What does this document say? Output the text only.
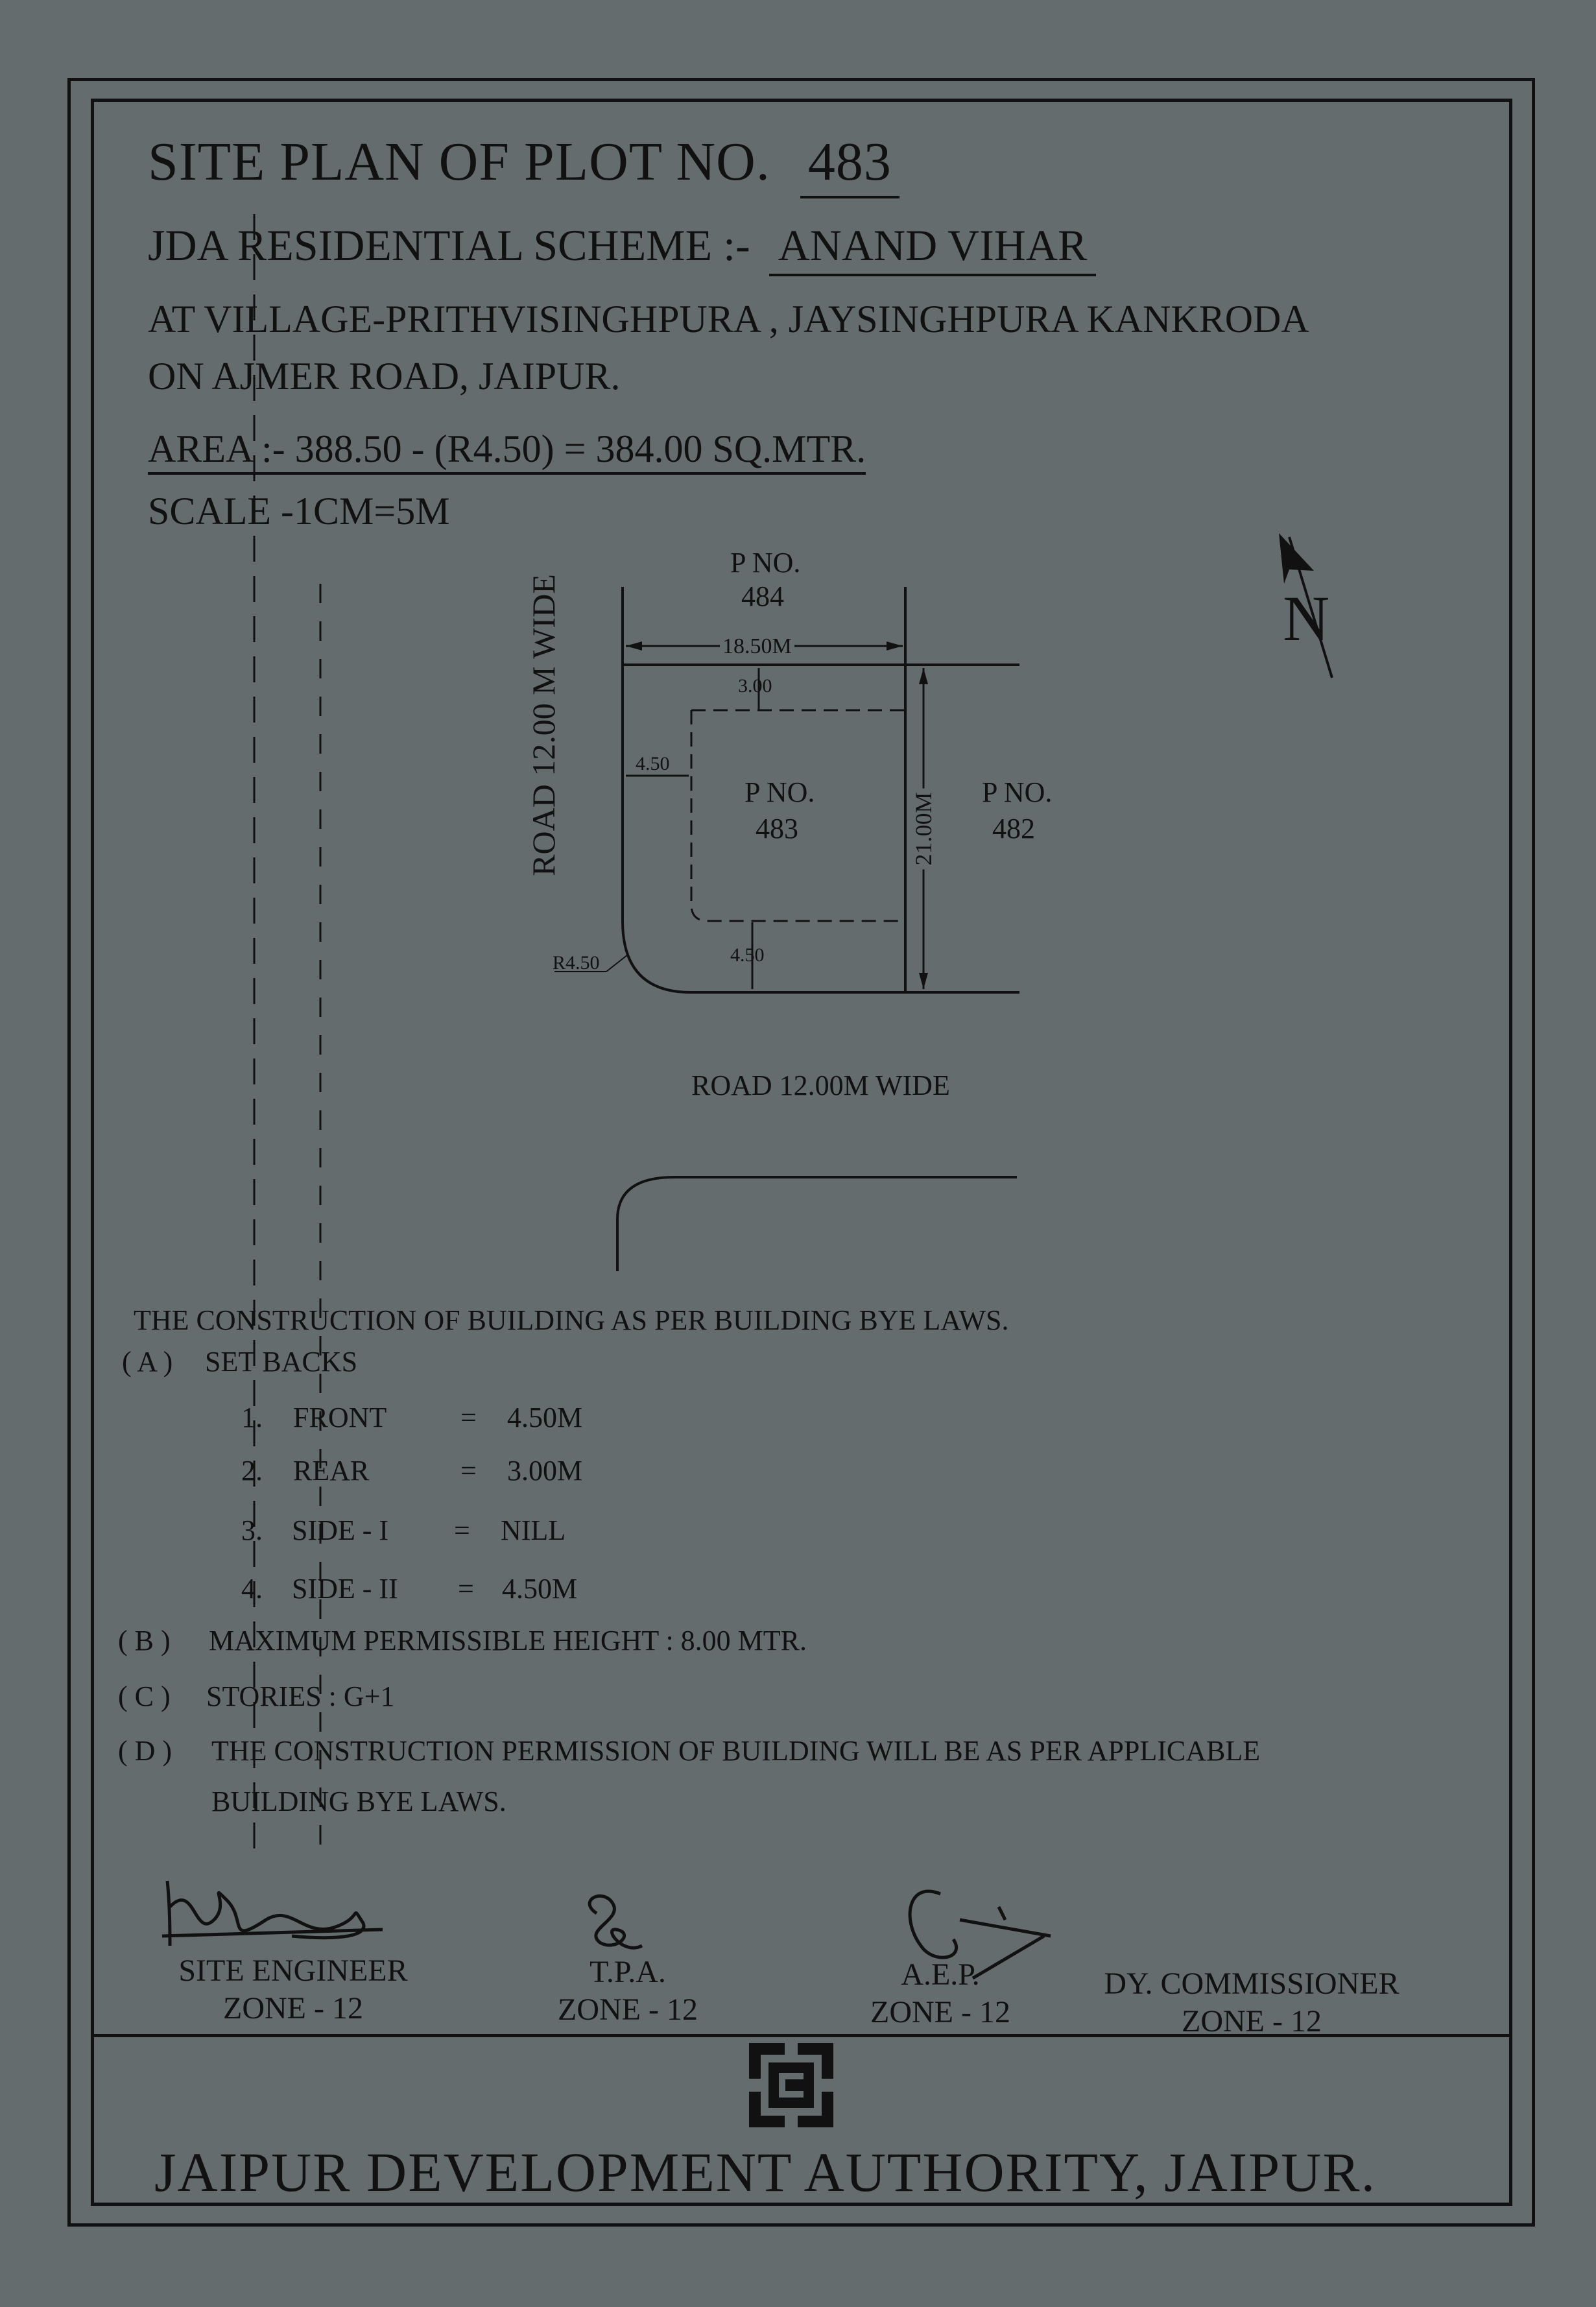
SITE PLAN OF PLOT NO. 483
JDA RESIDENTIAL SCHEME :- ANAND VIHAR
AT VILLAGE-PRITHVISINGHPURA , JAYSINGHPURA KANKRODA
ON AJMER ROAD, JAIPUR.
AREA :- 388.50 - (R4.50) = 384.00 SQ.MTR.
SCALE -1CM=5M
P NO.
484
18.50M
3.00
4.50
4.50
R4.50
P NO.
483
P NO.
482
21.00M
ROAD 12.00 M WIDE
ROAD 12.00M WIDE
N
THE CONSTRUCTION OF BUILDING AS PER BUILDING BYE LAWS.
( A ) SET BACKS
1. FRONT	= 4.50M
2. REAR	= 3.00M
3. SIDE - I = NILL
4. SIDE - II = 4.50M
( B ) MAXIMUM PERMISSIBLE HEIGHT : 8.00 MTR.
( C ) STORIES : G+1
( D ) THE CONSTRUCTION PERMISSION OF BUILDING WILL BE AS PER APPLICABLE
BUILDING BYE LAWS.
SITE ENGINEER
ZONE - 12
T.P.A.
ZONE - 12
A.E.P.
ZONE - 12
DY. COMMISSIONER
ZONE - 12
JAIPUR DEVELOPMENT AUTHORITY, JAIPUR.
